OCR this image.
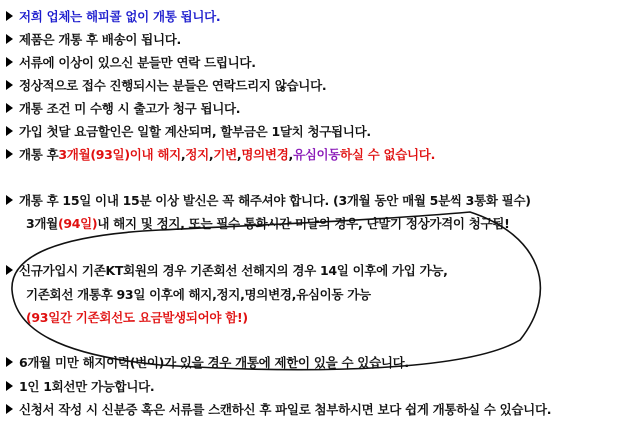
저희 업체는 해피콜 없이 개통 됩니다.
제품은 개통 후 배송이 됩니다.
서류에 이상이 있으신 분들만 연락 드립니다.
정상적으로 접수 진행되시는 분들은 연락드리지 않습니다.
개통 조건 미 수행 시 출고가 청구 됩니다.
가입 첫달 요금할인은 일할 계산되며, 할부금은 1달치 청구됩니다.
개통 후 3개월(93일)이내 해지 , 정지 , 기변 , 명의변경 , 유심이동 하실 수 없습니다.
개통 후 15일 이내 15분 이상 발신은 꼭 해주셔야 합니다. (3개월 동안 매월 5분씩 3통화 필수)
3개월 (94일) 내 해지 및 정지, 또는 필수 통화시간 미달의 경우, 단말기 정상가격이 청구됨!
신규가입시 기존KT회원의 경우 기존회선 선해지의 경우 14일 이후에 가입 가능,
기존회선 개통후 93일 이후에 해지,정지,명의변경,유심이동 가능
(93일간 기존회선도 요금발생되어야 함!)
6개월 미만 해지이력(번이)가 있을 경우 개통에 제한이 있을 수 있습니다.
1인 1회선만 가능합니다.
신청서 작성 시 신분증 혹은 서류를 스캔하신 후 파일로 첨부하시면 보다 쉽게 개통하실 수 있습니다.
